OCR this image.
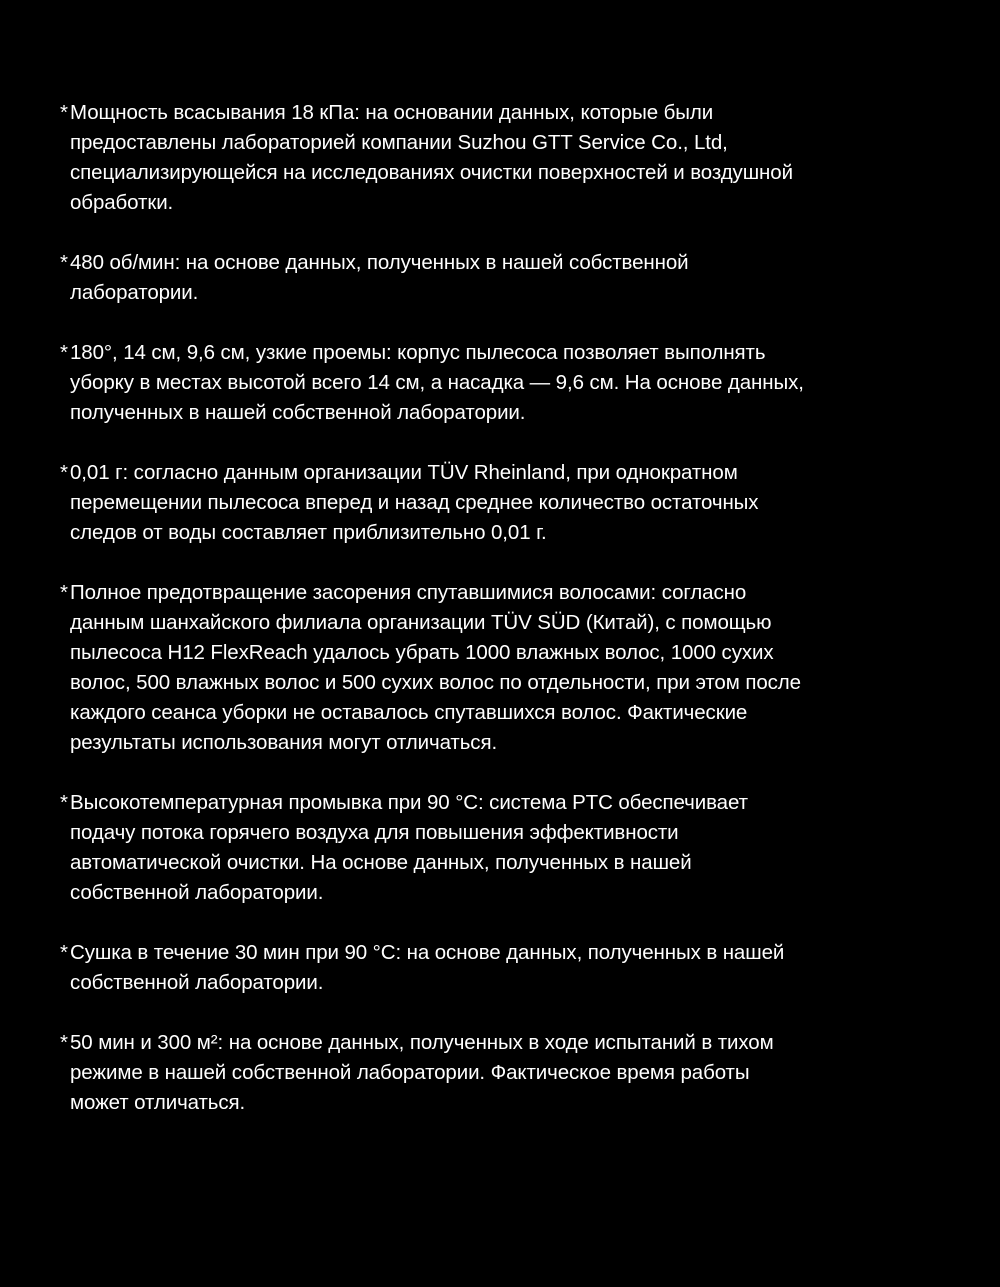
* Мощность всасывания 18 кПа: на основании данных, которые были
предоставлены лабораторией компании Suzhou GTT Service Co., Ltd,
специализирующейся на исследованиях очистки поверхностей и воздушной
обработки.
* 480 об/мин: на основе данных, полученных в нашей собственной
лаборатории.
* 180°, 14 см, 9,6 см, узкие проемы: корпус пылесоса позволяет выполнять
уборку в местах высотой всего 14 см, а насадка — 9,6 см. На основе данных,
полученных в нашей собственной лаборатории.
* 0,01 г: согласно данным организации TÜV Rheinland, при однократном
перемещении пылесоса вперед и назад среднее количество остаточных
следов от воды составляет приблизительно 0,01 г.
* Полное предотвращение засорения спутавшимися волосами: согласно
данным шанхайского филиала организации TÜV SÜD (Китай), с помощью
пылесоса H12 FlexReach удалось убрать 1000 влажных волос, 1000 сухих
волос, 500 влажных волос и 500 сухих волос по отдельности, при этом после
каждого сеанса уборки не оставалось спутавшихся волос. Фактические
результаты использования могут отличаться.
* Высокотемпературная промывка при 90 °C: система PTC обеспечивает
подачу потока горячего воздуха для повышения эффективности
автоматической очистки. На основе данных, полученных в нашей
собственной лаборатории.
* Сушка в течение 30 мин при 90 °C: на основе данных, полученных в нашей
собственной лаборатории.
* 50 мин и 300 м²: на основе данных, полученных в ходе испытаний в тихом
режиме в нашей собственной лаборатории. Фактическое время работы
может отличаться.
